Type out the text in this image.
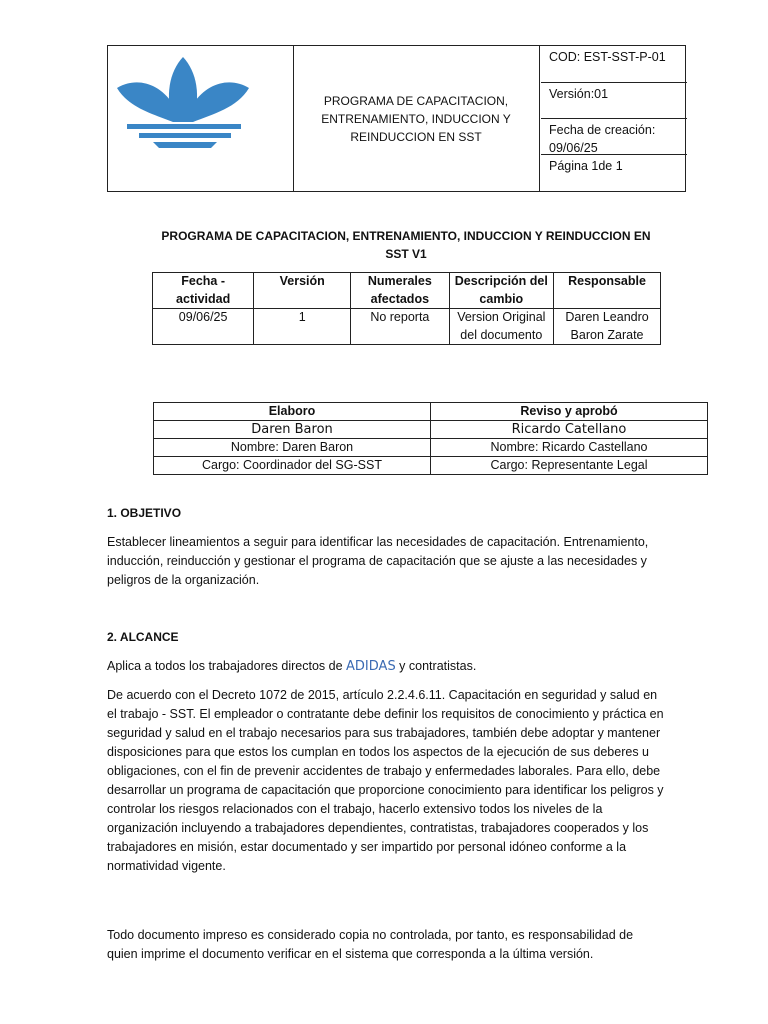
PROGRAMA DE CAPACITACION, ENTRENAMIENTO, INDUCCION Y REINDUCCION EN SST
COD: EST-SST-P-01
Versión:01
Fecha de creación:
09/06/25
Página 1de 1
PROGRAMA DE CAPACITACION, ENTRENAMIENTO, INDUCCION Y REINDUCCION EN SST V1
Fecha - actividad	Versión	Numerales afectados	Descripción del cambio	Responsable
09/06/25	1	No reporta	Version Original del documento	Daren Leandro Baron Zarate
Elaboro	Reviso y aprobó
Daren Baron	Ricardo Catellano
Nombre: Daren Baron	Nombre: Ricardo Castellano
Cargo: Coordinador del SG-SST	Cargo: Representante Legal
1. OBJETIVO
Establecer lineamientos a seguir para identificar las necesidades de capacitación. Entrenamiento, inducción, reinducción y gestionar el programa de capacitación que se ajuste a las necesidades y peligros de la organización.
2. ALCANCE
Aplica a todos los trabajadores directos de ADIDAS y contratistas.
De acuerdo con el Decreto 1072 de 2015, artículo 2.2.4.6.11. Capacitación en seguridad y salud en el trabajo - SST. El empleador o contratante debe definir los requisitos de conocimiento y práctica en seguridad y salud en el trabajo necesarios para sus trabajadores, también debe adoptar y mantener disposiciones para que estos los cumplan en todos los aspectos de la ejecución de sus deberes u obligaciones, con el fin de prevenir accidentes de trabajo y enfermedades laborales. Para ello, debe desarrollar un programa de capacitación que proporcione conocimiento para identificar los peligros y controlar los riesgos relacionados con el trabajo, hacerlo extensivo todos los niveles de la organización incluyendo a trabajadores dependientes, contratistas, trabajadores cooperados y los trabajadores en misión, estar documentado y ser impartido por personal idóneo conforme a la normatividad vigente.
Todo documento impreso es considerado copia no controlada, por tanto, es responsabilidad de quien imprime el documento verificar en el sistema que corresponda a la última versión.
